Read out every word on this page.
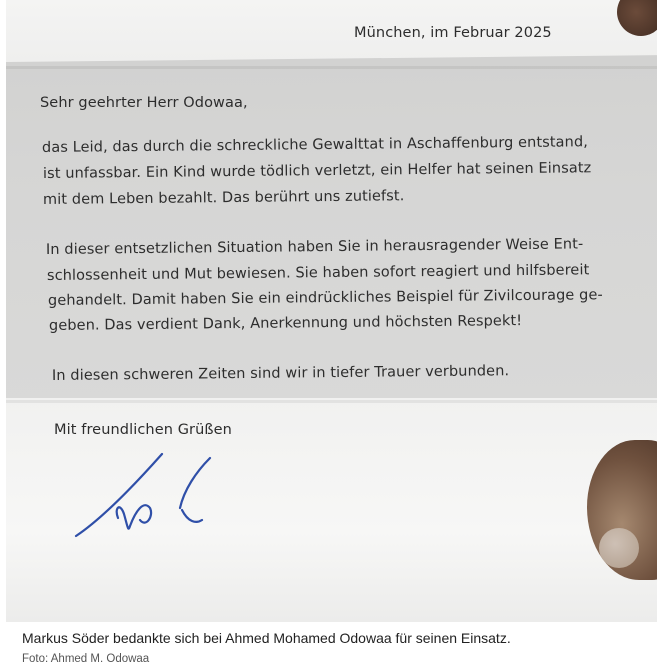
München, im Februar 2025
Sehr geehrter Herr Odowaa,
das Leid, das durch die schreckliche Gewalttat in Aschaffenburg entstand,
ist unfassbar. Ein Kind wurde tödlich verletzt, ein Helfer hat seinen Einsatz
mit dem Leben bezahlt. Das berührt uns zutiefst.
In dieser entsetzlichen Situation haben Sie in herausragender Weise Ent-
schlossenheit und Mut bewiesen. Sie haben sofort reagiert und hilfsbereit
gehandelt. Damit haben Sie ein eindrückliches Beispiel für Zivilcourage ge-
geben. Das verdient Dank, Anerkennung und höchsten Respekt!
In diesen schweren Zeiten sind wir in tiefer Trauer verbunden.
Mit freundlichen Grüßen
Markus Söder bedankte sich bei Ahmed Mohamed Odowaa für seinen Einsatz.
Foto: Ahmed M. Odowaa
